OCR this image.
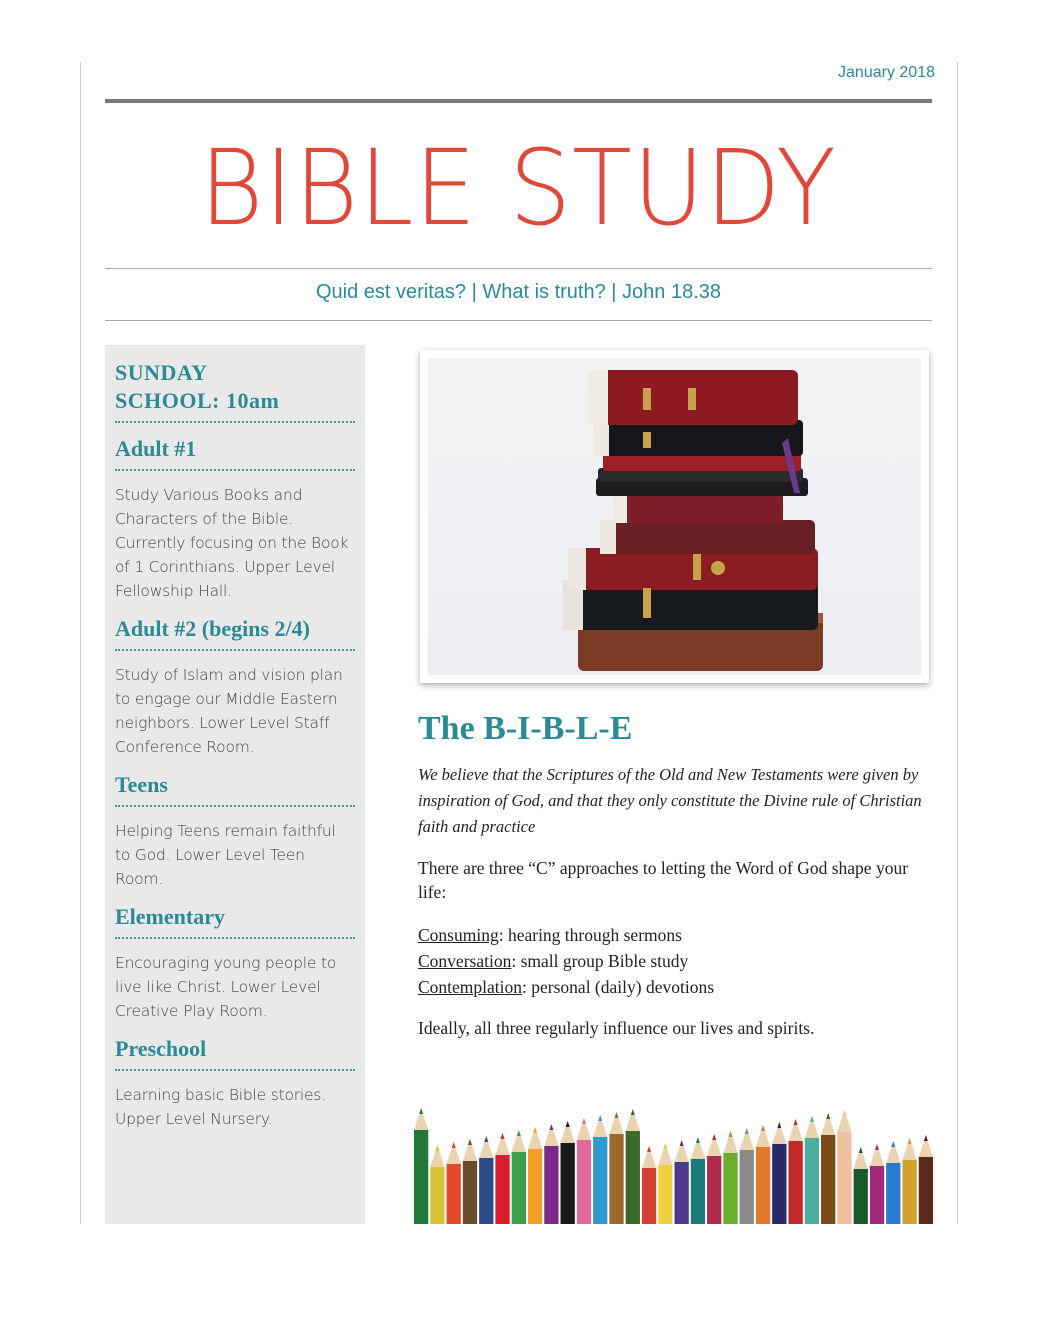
January 2018
BIBLE STUDY
Quid est veritas? | What is truth? | John 18.38
SUNDAY SCHOOL: 10am
Adult #1
Study Various Books and Characters of the Bible. Currently focusing on the Book of 1 Corinthians. Upper Level Fellowship Hall.
Adult #2 (begins 2/4)
Study of Islam and vision plan to engage our Middle Eastern neighbors. Lower Level Staff Conference Room.
Teens
Helping Teens remain faithful to God. Lower Level Teen Room.
Elementary
Encouraging young people to live like Christ. Lower Level Creative Play Room.
Preschool
Learning basic Bible stories. Upper Level Nursery.
The B-I-B-L-E
We believe that the Scriptures of the Old and New Testaments were given by inspiration of God, and that they only constitute the Divine rule of Christian faith and practice
There are three “C” approaches to letting the Word of God shape your life:
Consuming: hearing through sermons
Conversation: small group Bible study
Contemplation: personal (daily) devotions
Ideally, all three regularly influence our lives and spirits.
